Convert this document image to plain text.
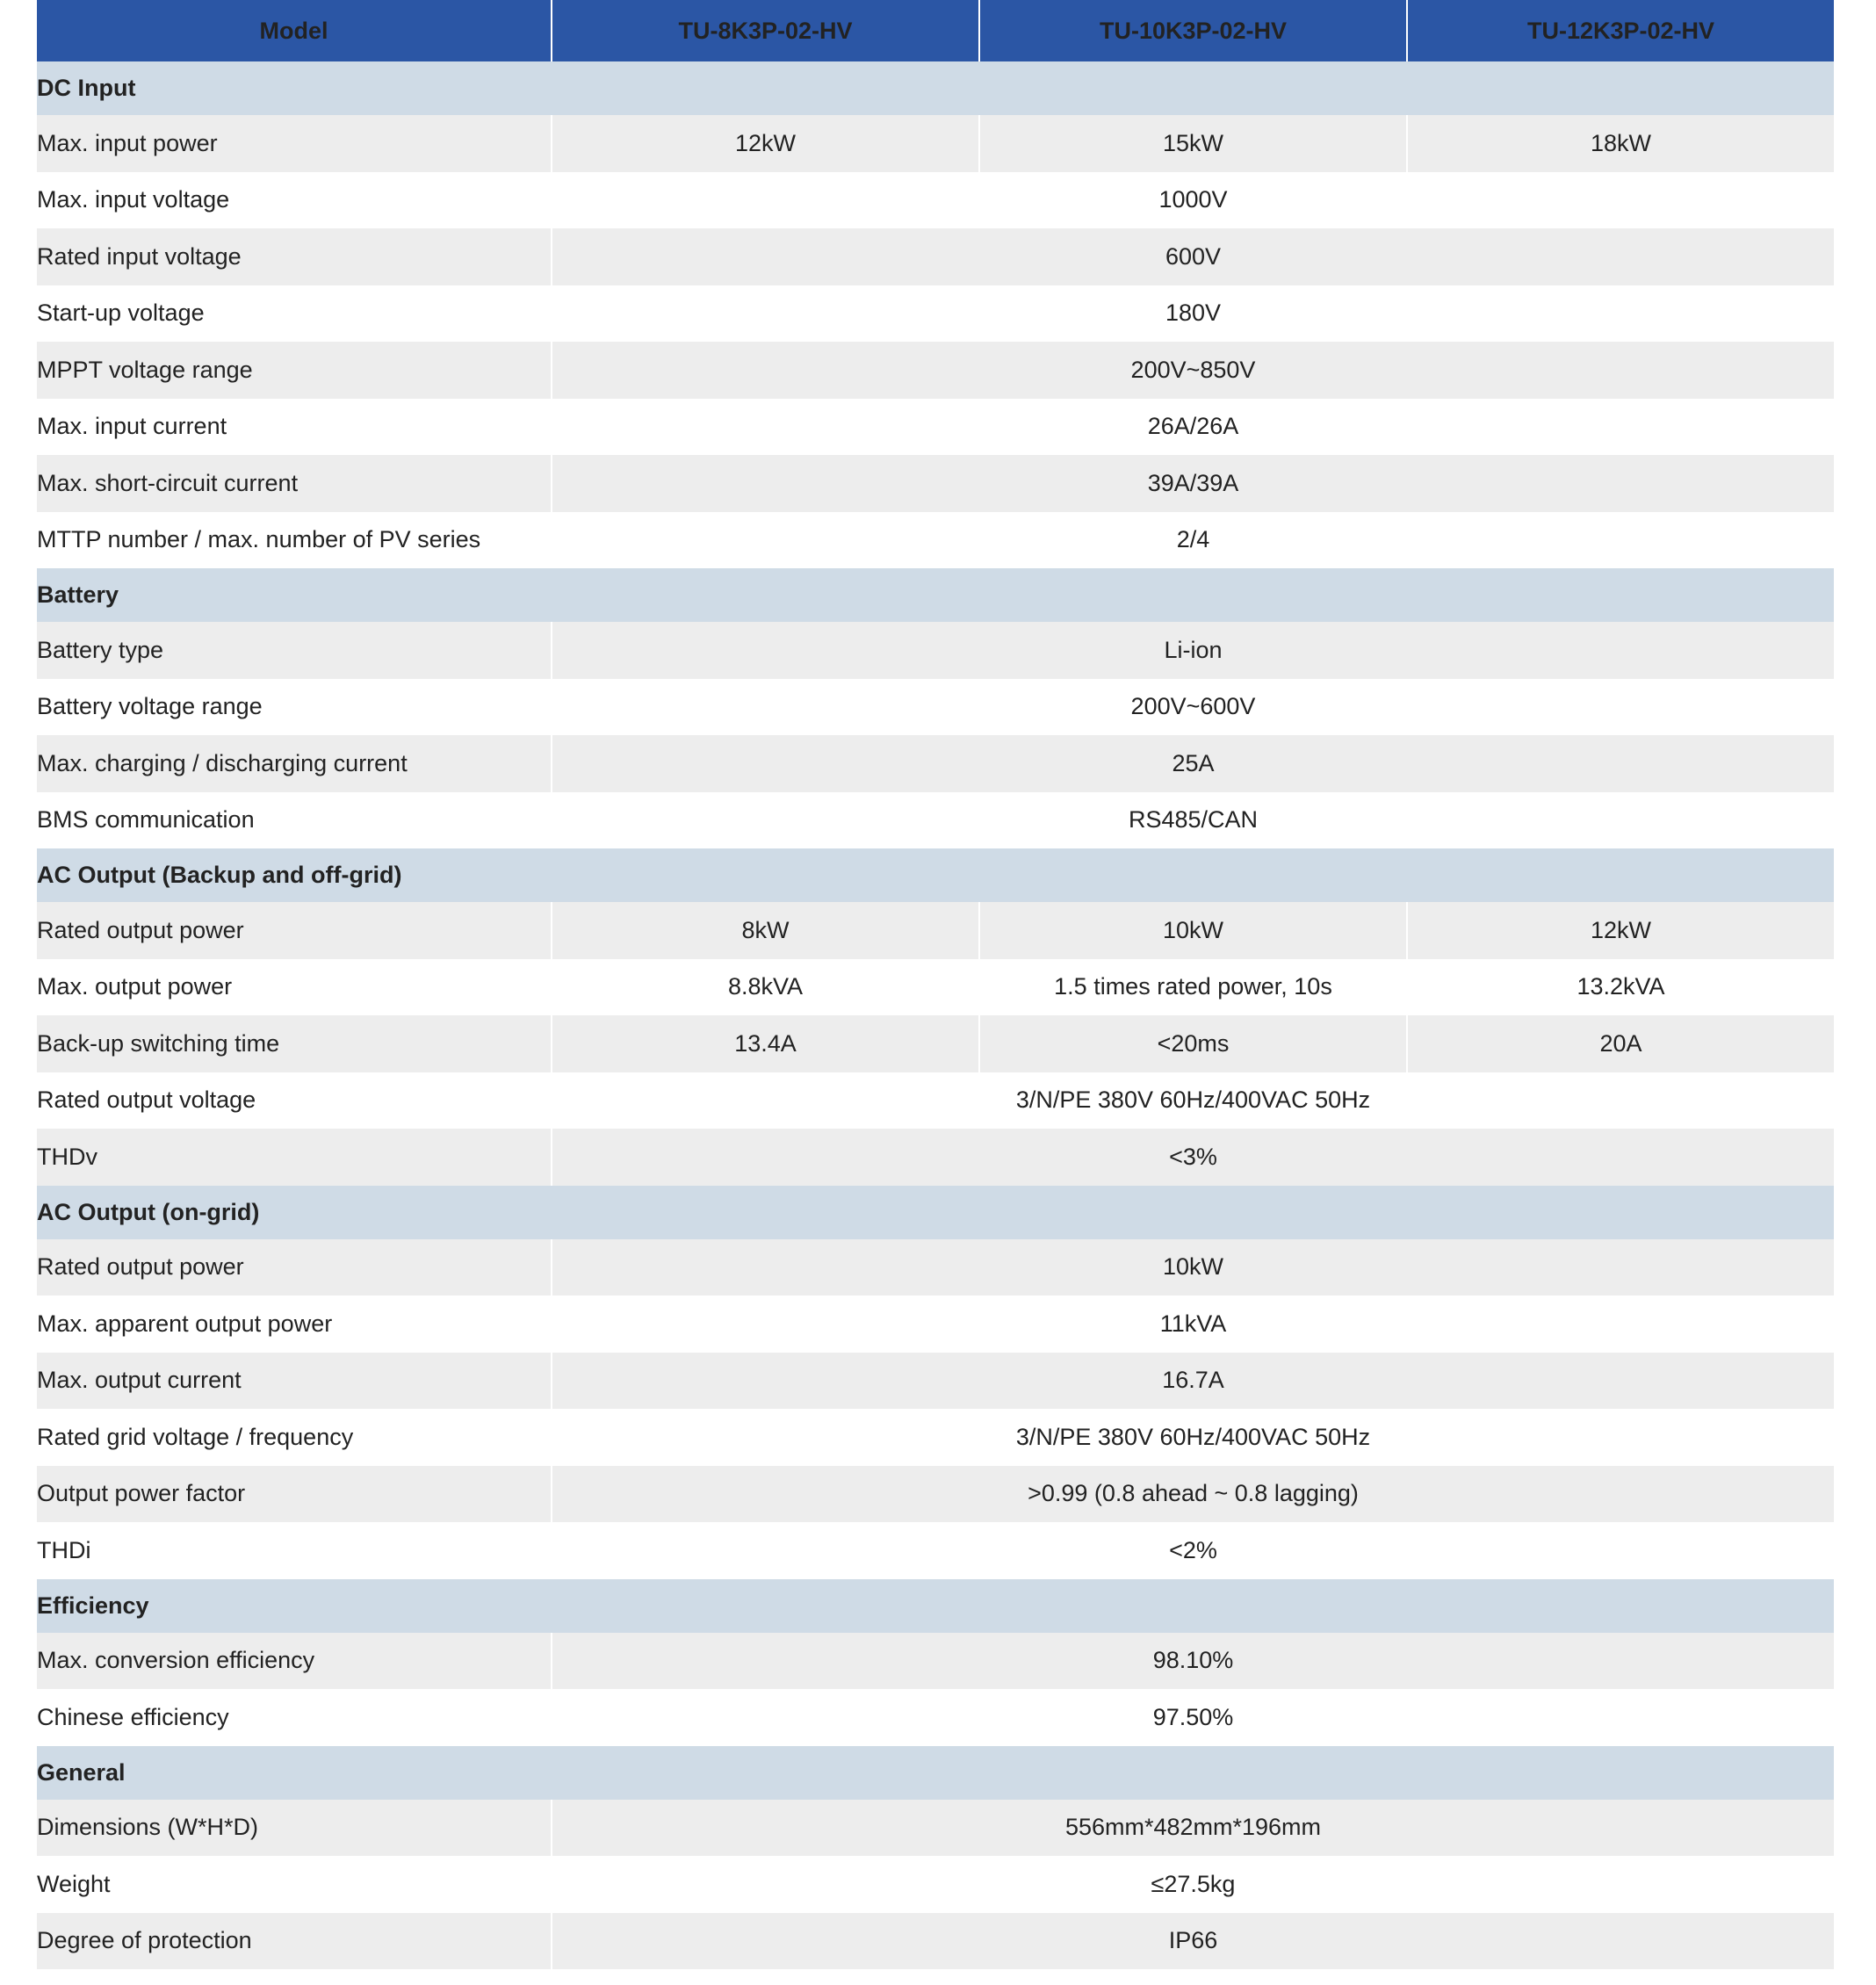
Model	TU-8K3P-02-HV	TU-10K3P-02-HV	TU-12K3P-02-HV
DC Input			
Max. input power	12kW	15kW	18kW
Max. input voltage	1000V		
Rated input voltage	600V		
Start-up voltage	180V		
MPPT voltage range	200V~850V		
Max. input current	26A/26A		
Max. short-circuit current	39A/39A		
MTTP number / max. number of PV series	2/4		
Battery			
Battery type	Li-ion		
Battery voltage range	200V~600V		
Max. charging / discharging current	25A		
BMS communication	RS485/CAN		
AC Output (Backup and off-grid)			
Rated output power	8kW	10kW	12kW
Max. output power	8.8kVA	1.5 times rated power, 10s	13.2kVA
Back-up switching time	13.4A	<20ms	20A
Rated output voltage	3/N/PE 380V 60Hz/400VAC 50Hz		
THDv	<3%		
AC Output (on-grid)			
Rated output power	10kW		
Max. apparent output power	11kVA		
Max. output current	16.7A		
Rated grid voltage / frequency	3/N/PE 380V 60Hz/400VAC 50Hz		
Output power factor	>0.99 (0.8 ahead ~ 0.8 lagging)		
THDi	<2%		
Efficiency			
Max. conversion efficiency	98.10%		
Chinese efficiency	97.50%		
General			
Dimensions (W*H*D)	556mm*482mm*196mm		
Weight	≤27.5kg		
Degree of protection	IP66		
